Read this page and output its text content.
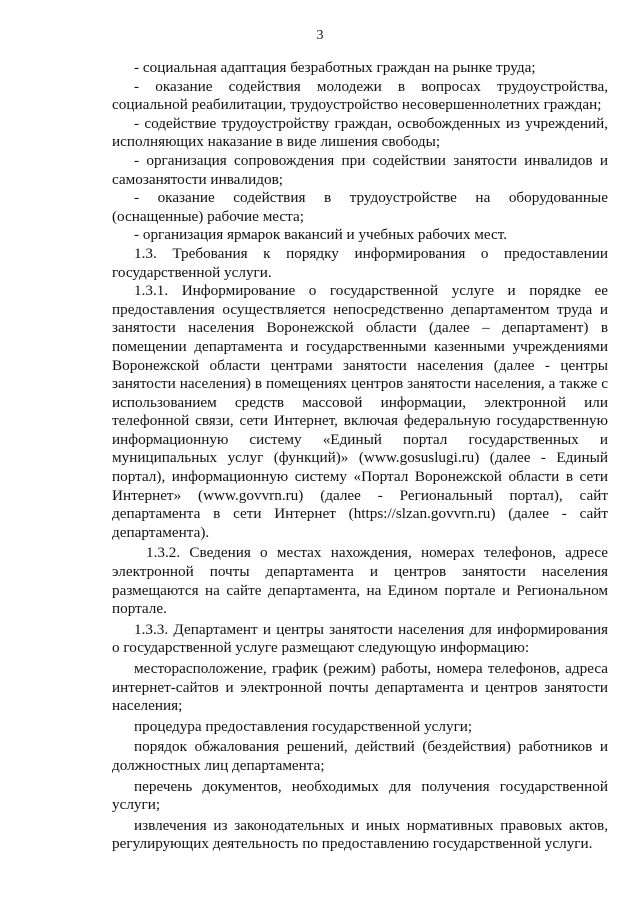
3

- социальная адаптация безработных граждан на рынке труда;

- оказание содействия молодежи в вопросах трудоустройства, социальной реабилитации, трудоустройство несовершеннолетних граждан;

- содействие трудоустройству граждан, освобожденных из учреждений, исполняющих наказание в виде лишения свободы;

- организация сопровождения при содействии занятости инвалидов и самозанятости инвалидов;

- оказание содействия в трудоустройстве на оборудованные (оснащенные) рабочие места;

- организация ярмарок вакансий и учебных рабочих мест.

1.3. Требования к порядку информирования о предоставлении государственной услуги.

1.3.1. Информирование о государственной услуге и порядке ее предоставления осуществляется непосредственно департаментом труда и занятости населения Воронежской области (далее – департамент) в помещении департамента и государственными казенными учреждениями Воронежской области центрами занятости населения (далее - центры занятости населения) в помещениях центров занятости населения, а также с использованием средств массовой информации, электронной или телефонной связи, сети Интернет, включая федеральную государственную информационную систему «Единый портал государственных и муниципальных услуг (функций)» (www.gosuslugi.ru) (далее - Единый портал), информационную систему «Портал Воронежской области в сети Интернет» (www.govvrn.ru) (далее - Региональный портал), сайт департамента в сети Интернет (https://slzan.govvrn.ru) (далее - сайт департамента).

1.3.2. Сведения о местах нахождения, номерах телефонов, адресе электронной почты департамента и центров занятости населения размещаются на сайте департамента, на Едином портале и Региональном портале.

1.3.3. Департамент и центры занятости населения для информирования о государственной услуге размещают следующую информацию:

месторасположение, график (режим) работы, номера телефонов, адреса интернет-сайтов и электронной почты департамента и центров занятости населения;

процедура предоставления государственной услуги;

порядок обжалования решений, действий (бездействия) работников и должностных лиц департамента;

перечень документов, необходимых для получения государственной услуги;

извлечения из законодательных и иных нормативных правовых актов, регулирующих деятельность по предоставлению государственной услуги.
